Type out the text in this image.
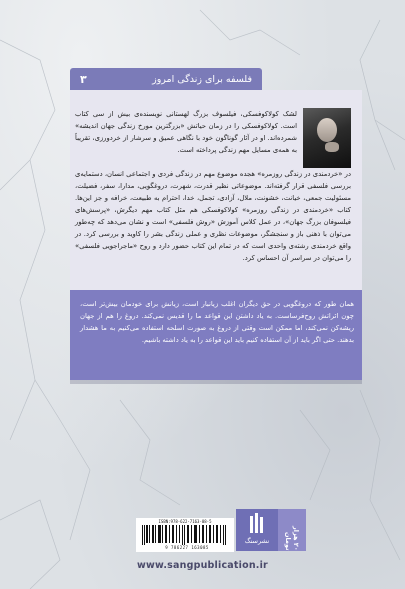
فلسفه برای زندگی امروز
۳
لشک کولاکوفسکی، فیلسوف بزرگ لهستانی نویسنده‌ی بیش از سی کتاب است. کولاکوفسکی را در زمان حیاتش «بزرگترین مورخ زندگی جهان اندیشه» شمرده‌اند. او در آثار گوناگون خود با نگاهی عمیق و سرشار از خردورزی، تقریباً به همه‌ی مسایل مهم زندگی پرداخته است.
در «خردمندی در زندگی روزمره» هجده موضوع مهم در زندگی فردی و اجتماعی انسان، دستمایه‌ی بررسی فلسفی قرار گرفته‌اند. موضوعاتی نظیر قدرت، شهرت، دروغگویی، مدارا، سفر، فضیلت، مسئولیت جمعی، خیانت، خشونت، ملال، آزادی، تجمل، خدا، احترام به طبیعت، خرافه و جز این‌ها. کتاب «خردمندی در زندگی روزمره» کولاکوفسکی هم مثل کتاب مهم دیگرش، «پرسش‌های فیلسوفان بزرگ جهان»، در عمل کلاس آموزش «روش فلسفی» است و نشان می‌دهد که چه‌طور می‌توان با ذهنی باز و سنجشگر، موضوعات نظری و عملی زندگی بشر را کاوید و بررسی کرد. در واقع خردمندی رشته‌ی واحدی است که در تمام این کتاب حضور دارد و روح «ماجراجویی فلسفی» را می‌توان در سراسر آن احساس کرد.
همان طور که دروغگویی در حق دیگران اغلب زیانبار است، زیانش برای خودمان بیش‌تر است، چون اثراتش روح‌فرساست. به یاد داشتن این قواعد ما را قدیس نمی‌کند. دروغ را هم از جهان ریشه‌کن نمی‌کند، اما ممکن است وقتی از دروغ به صورت اسلحه استفاده می‌کنیم به ما هشدار بدهند. حتی اگر باید از آن استفاده کنیم باید این قواعد را به یاد داشته باشیم.
ISBN:978-622-7163-08-5
9 786227 163085
نشرسنگ	۲۰ هزار تومان
www.sangpublication.ir
